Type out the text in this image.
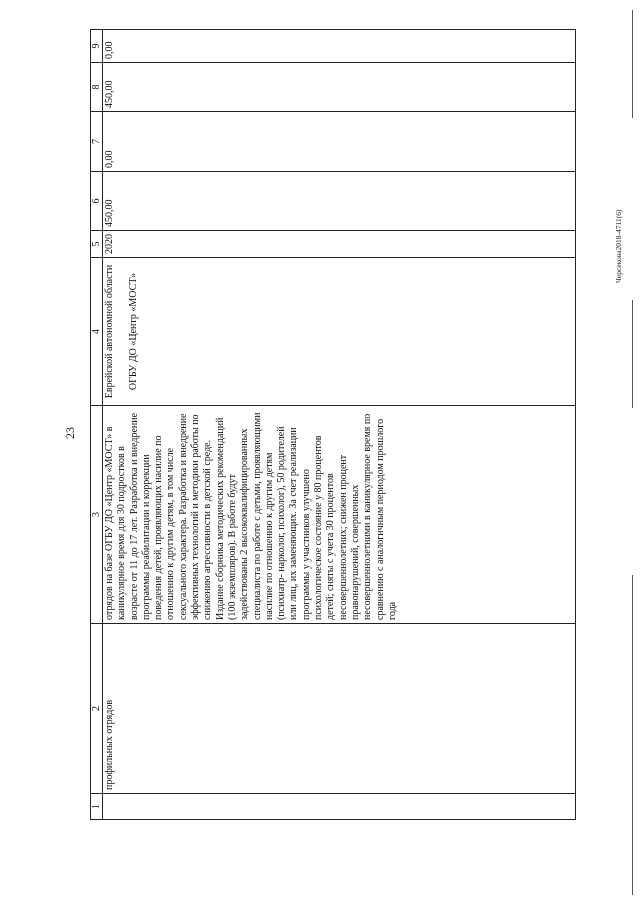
23
Черсекова2018-4711(6)
1	2	3	4	5	6	7	8	9
	профильных отрядов	отрядов на базе ОГБУ ДО «Центр «МОСТ» в каникулярное время для 30 подростков в возрасте от 11 до 17 лет. Разработка и внедрение программы реабилитации и коррекции поведения детей, проявляющих насилие по отношению к другим детям, в том числе сексуального характера. Разработка и внедрение эффективных технологий и методики работы по снижению агрессивности в детской среде. Издание сборника методических рекомендаций (100 экземпляров). В работе будут задействованы 2 высококвалифицированных специалиста по работе с детьми, проявляющими насилие по отношению к другим детям (психиатр- нарколог, психолог), 50 родителей или лиц, их заменяющих. За счет реализации программы у участников улучшено психологическое состояние у 80 процентов детей; сняты с учета 30 процентов несовершеннолетних; снижен процент правонарушений, совершенных несовершеннолетними в каникулярное время по сравнению с аналогичным периодом прошлого года	Еврейской автономной области ОГБУ ДО «Центр «МОСТ»	2020	450,00	0,00	450,00	0,00
